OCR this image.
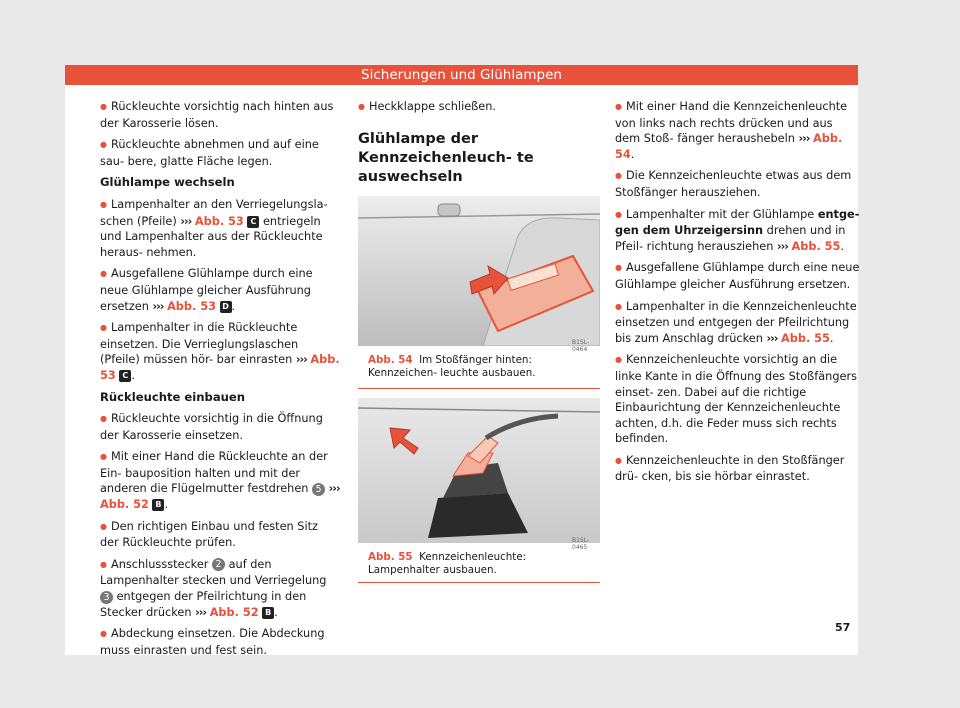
Sicherungen und Glühlampen

● Rückleuchte vorsichtig nach hinten aus der Karosserie lösen.

● Rückleuchte abnehmen und auf eine sau- bere, glatte Fläche legen.

Glühlampe wechseln

● Lampenhalter an den Verriegelungsla- schen (Pfeile) ››› Abb. 53 C entriegeln und Lampenhalter aus der Rückleuchte heraus- nehmen.

● Ausgefallene Glühlampe durch eine neue Glühlampe gleicher Ausführung ersetzen ››› Abb. 53 D .

● Lampenhalter in die Rückleuchte einsetzen. Die Verrieglungslaschen (Pfeile) müssen hör- bar einrasten ››› Abb. 53 C .

Rückleuchte einbauen

● Rückleuchte vorsichtig in die Öffnung der Karosserie einsetzen.

● Mit einer Hand die Rückleuchte an der Ein- bauposition halten und mit der anderen die Flügelmutter festdrehen 5 ››› Abb. 52 B .

● Den richtigen Einbau und festen Sitz der Rückleuchte prüfen.

● Anschlussstecker 2 auf den Lampenhalter stecken und Verriegelung 3 entgegen der Pfeilrichtung in den Stecker drücken ››› Abb. 52 B .

● Abdeckung einsetzen. Die Abdeckung muss einrasten und fest sein.

● Heckklappe schließen.

Glühlampe der Kennzeichenleuch- te auswechseln
B1SL-0464
Abb. 54 Im Stoßfänger hinten: Kennzeichen- leuchte ausbauen.
B1SL-0465
Abb. 55 Kennzeichenleuchte: Lampenhalter ausbauen.

● Mit einer Hand die Kennzeichenleuchte von links nach rechts drücken und aus dem Stoß- fänger heraushebeln ››› Abb. 54.

● Die Kennzeichenleuchte etwas aus dem Stoßfänger herausziehen.

● Lampenhalter mit der Glühlampe entge- gen dem Uhrzeigersinn drehen und in Pfeil- richtung herausziehen ››› Abb. 55.

● Ausgefallene Glühlampe durch eine neue Glühlampe gleicher Ausführung ersetzen.

● Lampenhalter in die Kennzeichenleuchte einsetzen und entgegen der Pfeilrichtung bis zum Anschlag drücken ››› Abb. 55.

● Kennzeichenleuchte vorsichtig an die linke Kante in die Öffnung des Stoßfängers einset- zen. Dabei auf die richtige Einbaurichtung der Kennzeichenleuchte achten, d.h. die Feder muss sich rechts befinden.

● Kennzeichenleuchte in den Stoßfänger drü- cken, bis sie hörbar einrastet.

57
